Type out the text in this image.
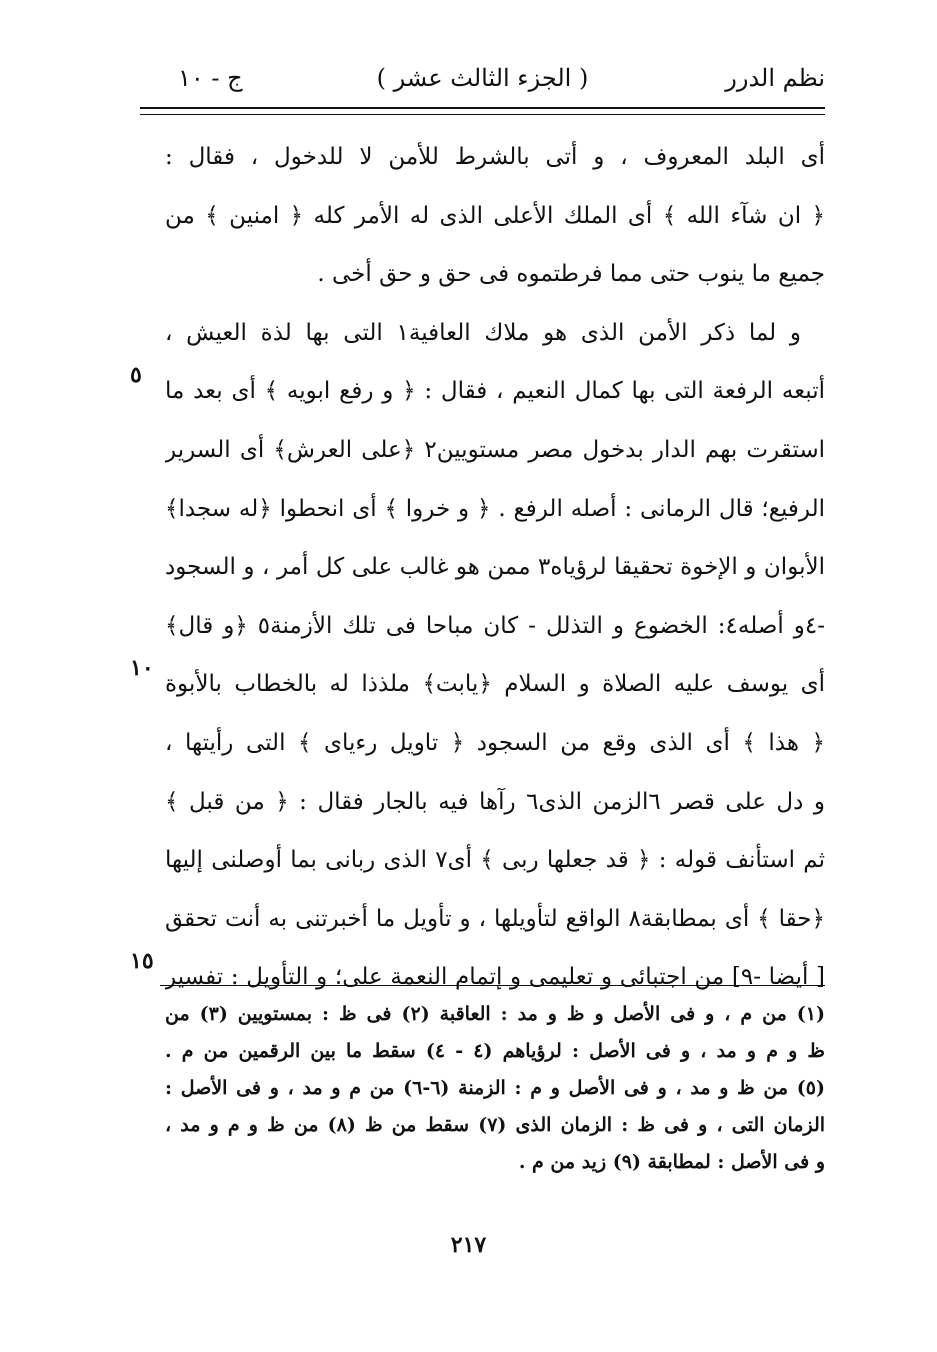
نظم الدرر
( الجزء الثالث عشر )
ج - ١٠
أى البلد المعروف ، و أتى بالشرط للأمن لا للدخول ، فقال :
﴿ ان شآء الله ﴾ أى الملك الأعلى الذى له الأمر كله ﴿ امنين ﴾ من
جميع ما ينوب حتى مما فرطتموه فى حق و حق أخى .
و لما ذكر الأمن الذى هو ملاك العافية١ التى بها لذة العيش ،
أتبعه الرفعة التى بها كمال النعيم ، فقال : ﴿ و رفع ابويه ﴾ أى بعد ما
استقرت بهم الدار بدخول مصر مستويين٢ ﴿على العرش﴾ أى السرير
الرفيع؛ قال الرمانى : أصله الرفع . ﴿ و خروا ﴾ أى انحطوا ﴿له سجدا﴾
الأبوان و الإخوة تحقيقا لرؤياه٣ ممن هو غالب على كل أمر ، و السجود
-٤و أصله٤: الخضوع و التذلل - كان مباحا فى تلك الأزمنة٥ ﴿و قال﴾
أى يوسف عليه الصلاة و السلام ﴿يابت﴾ ملذذا له بالخطاب بالأبوة
﴿ هذا ﴾ أى الذى وقع من السجود ﴿ تاويل رءياى ﴾ التى رأيتها ،
و دل على قصر ٦الزمن الذى٦ رآها فيه بالجار فقال : ﴿ من قبل ﴾
ثم استأنف قوله : ﴿ قد جعلها ربى ﴾ أى٧ الذى ربانى بما أوصلنى إليها
﴿حقا ﴾ أى بمطابقة٨ الواقع لتأويلها ، و تأويل ما أخبرتنى به أنت تحقق
[ أيضا -٩] من اجتبائى و تعليمى و إتمام النعمة على؛ و التأويل : تفسير
٥
١٠
١٥
(١) من م ، و فى الأصل و ظ و مد : العاقبة (٢) فى ظ : بمستويين (٣) من
ظ و م و مد ، و فى الأصل : لرؤياهم (٤ - ٤) سقط ما بين الرقمين من م .
(٥) من ظ و مد ، و فى الأصل و م : الزمنة (٦-٦) من م و مد ، و فى الأصل :
الزمان التى ، و فى ظ : الزمان الذى (٧) سقط من ظ (٨) من ظ و م و مد ،
و فى الأصل : لمطابقة (٩) زيد من م .
٢١٧
